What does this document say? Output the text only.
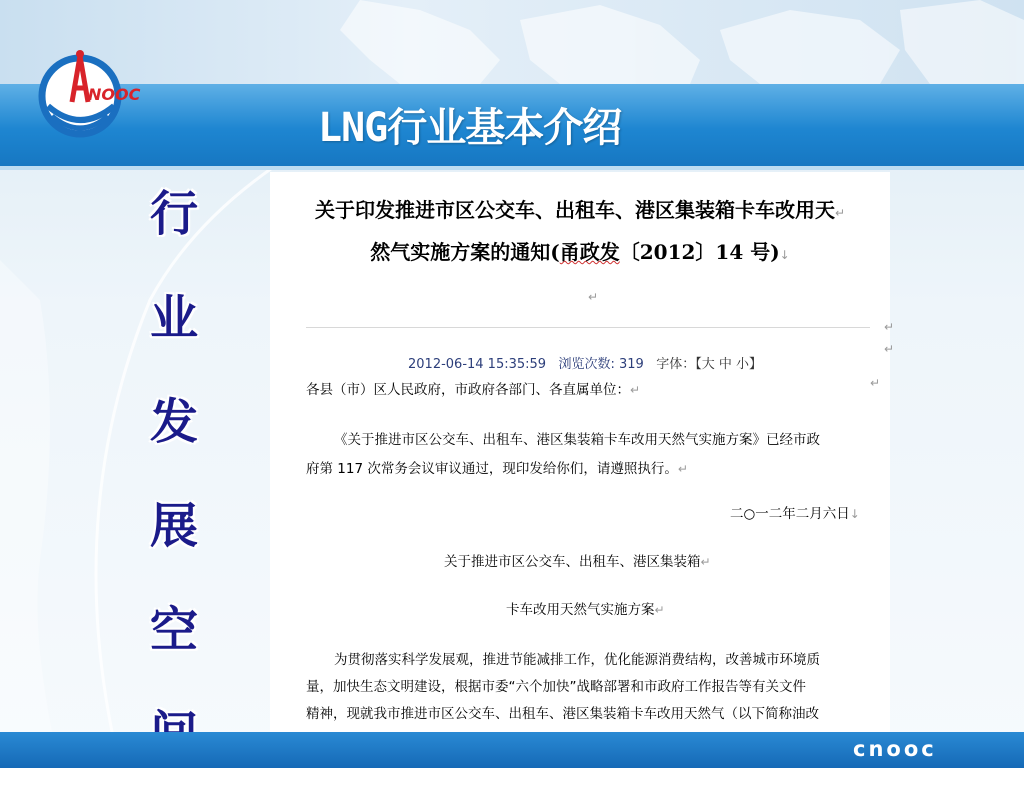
NOOC
LNG行业基本介绍
行
业
发
展
空
关于印发推进市区公交车、出租车、港区集装箱卡车改用天↵
然气实施方案的通知(甬政发〔2012〕14 号)↓
↵
↵
↵
2012-06-14 15:35:59 浏览次数: 319 字体：【大 中 小】
↵
各县（市）区人民政府，市政府各部门、各直属单位：↵
《关于推进市区公交车、出租车、港区集装箱卡车改用天然气实施方案》已经市政
府第 117 次常务会议审议通过，现印发给你们，请遵照执行。↵
二○一二年二月六日↓
关于推进市区公交车、出租车、港区集装箱↵
卡车改用天然气实施方案↵
为贯彻落实科学发展观，推进节能减排工作，优化能源消费结构，改善城市环境质
量，加快生态文明建设，根据市委“六个加快”战略部署和市政府工作报告等有关文件
精神，现就我市推进市区公交车、出租车、港区集装箱卡车改用天然气（以下简称油改
cnooc
